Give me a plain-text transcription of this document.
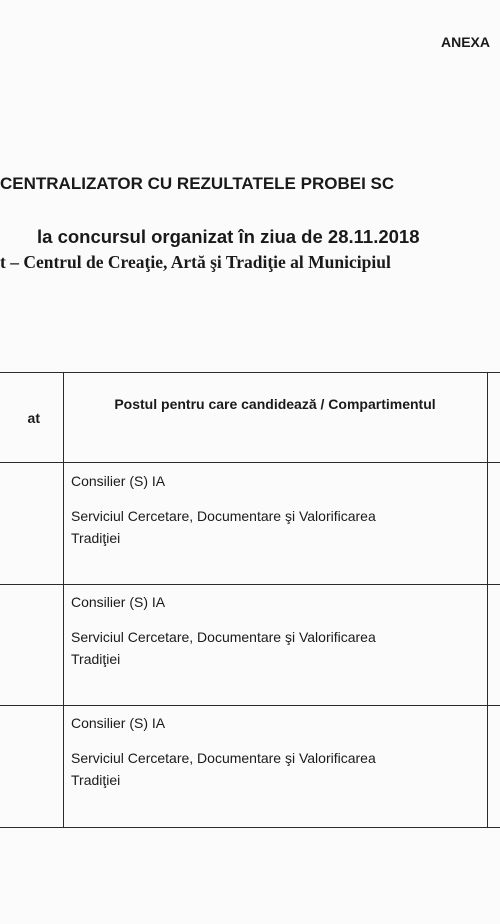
ANEXA
CENTRALIZATOR CU REZULTATELE PROBEI SC
la concursul organizat în ziua de 28.11.2018
t – Centrul de Creaţie, Artă şi Tradiţie al Municipiul
at
Postul pentru care candidează / Compartimentul
Consilier (S) IA
Serviciul Cercetare, Documentare şi Valorificarea Tradiţiei
Consilier (S) IA
Serviciul Cercetare, Documentare şi Valorificarea Tradiţiei
Consilier (S) IA
Serviciul Cercetare, Documentare şi Valorificarea Tradiţiei
